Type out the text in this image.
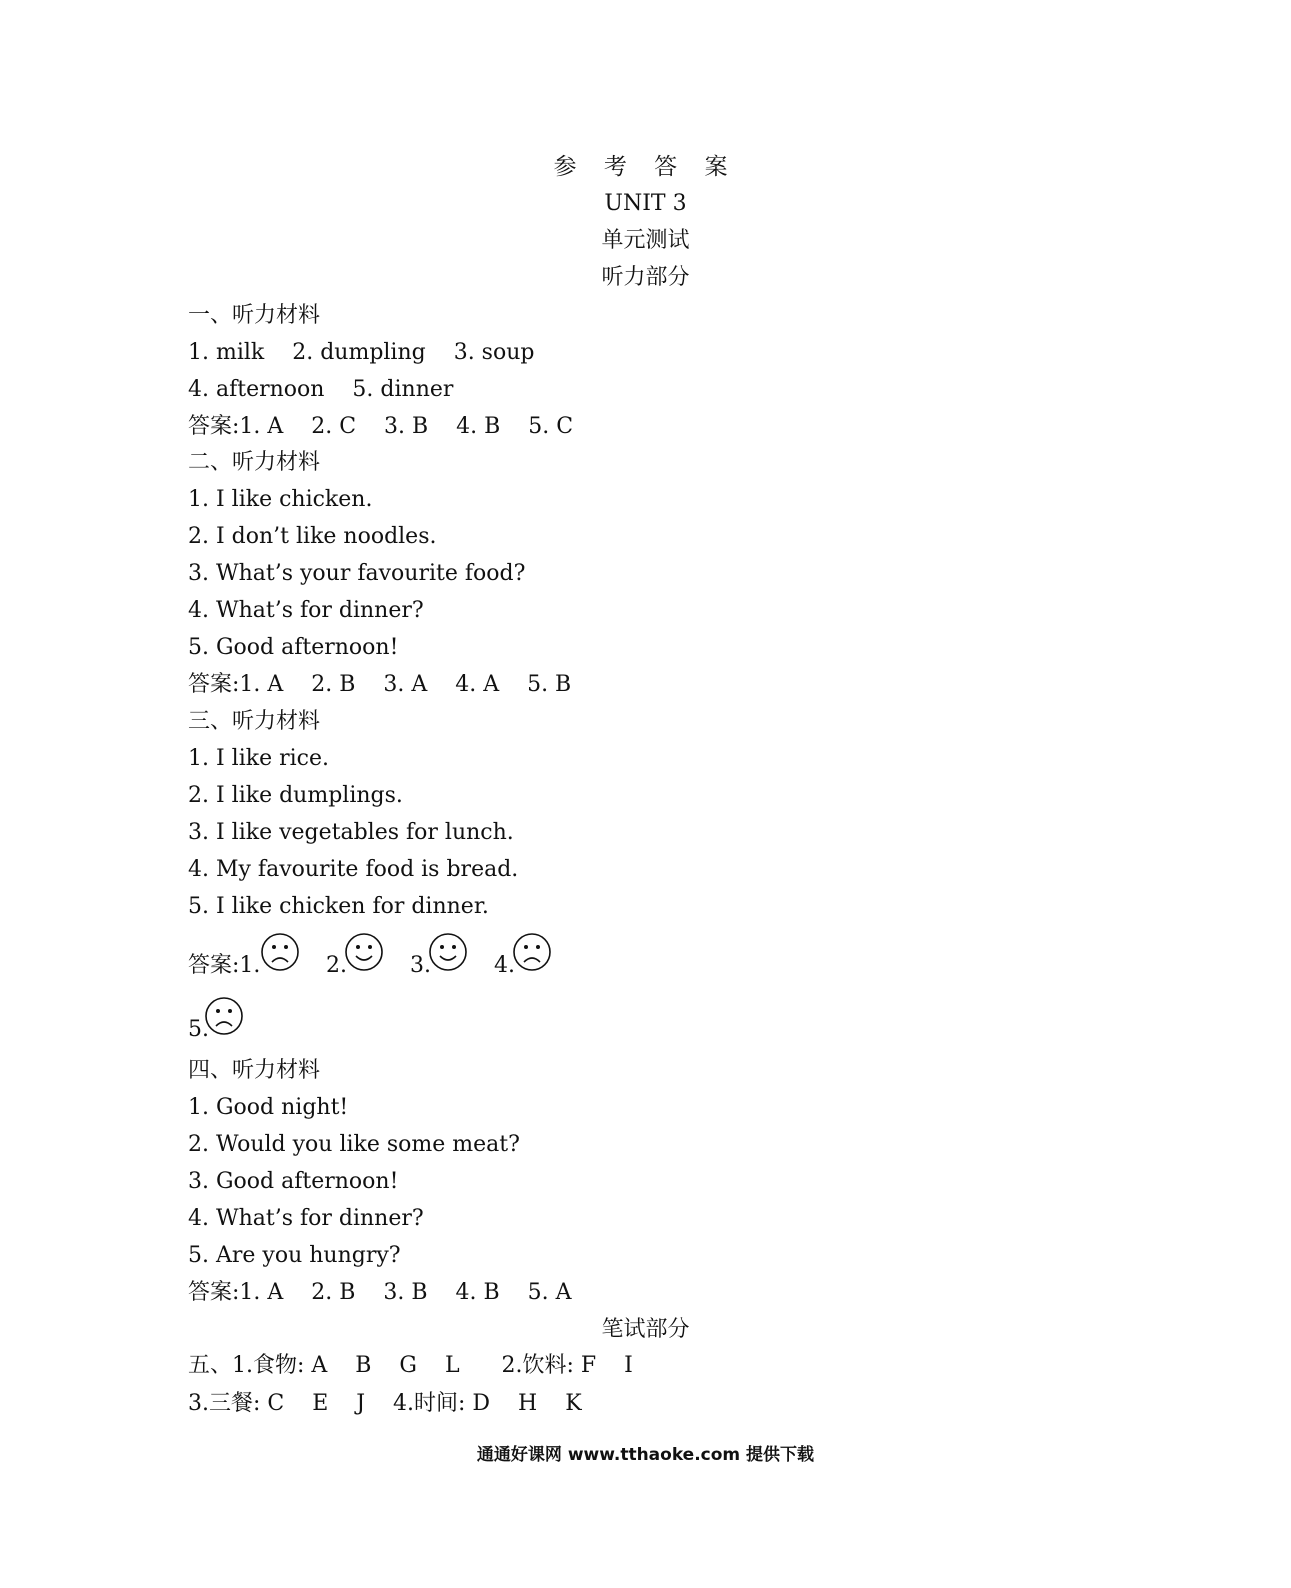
参 考 答 案
UNIT 3
单元测试
听力部分
一、听力材料
1. milk    2. dumpling    3. soup
4. afternoon    5. dinner
答案:1. A    2. C    3. B    4. B    5. C
二、听力材料
1. I like chicken.
2. I don’t like noodles.
3. What’s your favourite food?
4. What’s for dinner?
5. Good afternoon!
答案:1. A    2. B    3. A    4. A    5. B
三、听力材料
1. I like rice.
2. I like dumplings.
3. I like vegetables for lunch.
4. My favourite food is bread.
5. I like chicken for dinner.
答案:1.	2.	3.	4.
5.
四、听力材料
1. Good night!
2. Would you like some meat?
3. Good afternoon!
4. What’s for dinner?
5. Are you hungry?
答案:1. A    2. B    3. B    4. B    5. A
笔试部分
五、1.食物: A    B    G    L      2.饮料: F    I
3.三餐: C    E    J    4.时间: D    H    K
通通好课网 www.tthaoke.com 提供下载
